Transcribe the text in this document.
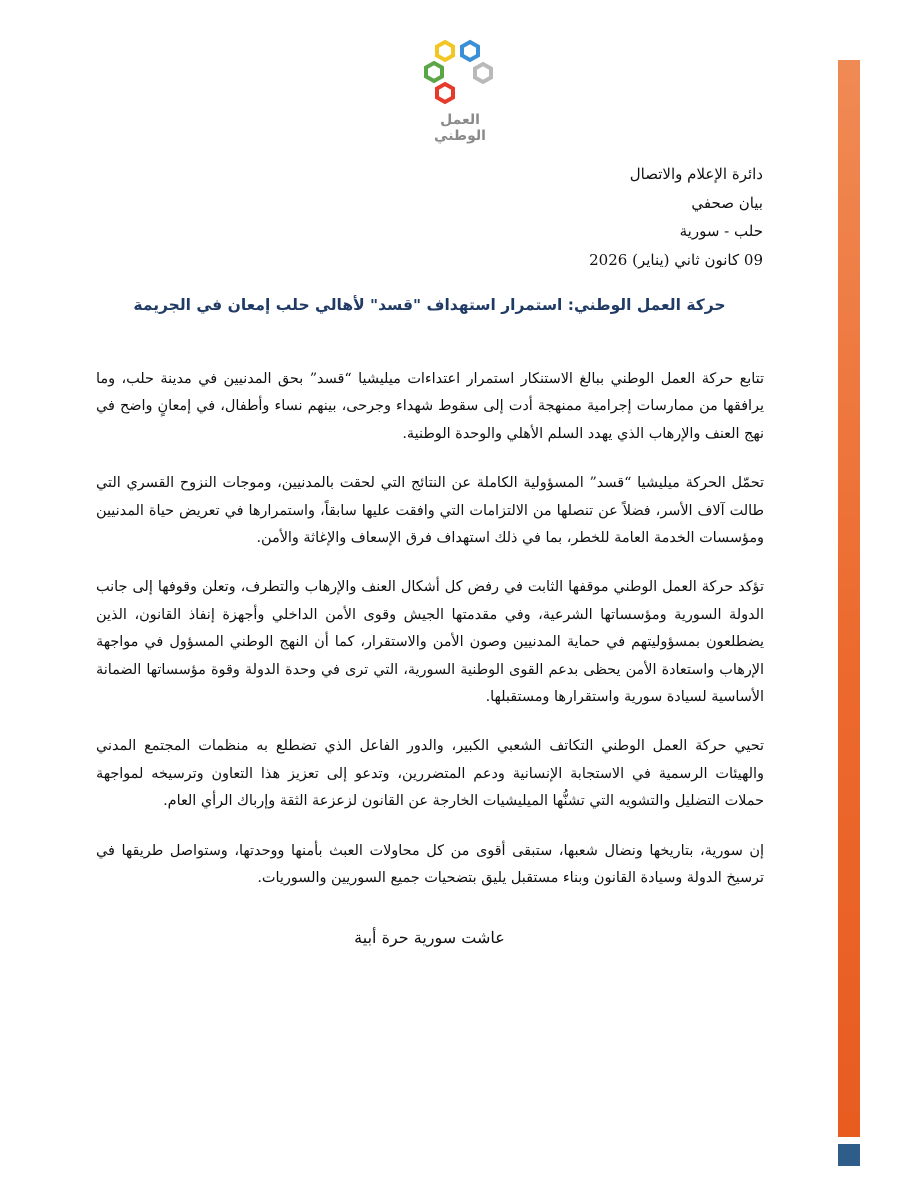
العمل الوطني
دائرة الإعلام والاتصال
بيان صحفي
حلب - سورية
09 كانون ثاني (يناير) 2026
حركة العمل الوطني: استمرار استهداف "قسد" لأهالي حلب إمعان في الجريمة

تتابع حركة العمل الوطني ببالغ الاستنكار استمرار اعتداءات ميليشيا “قسد” بحق المدنيين في مدينة حلب، وما يرافقها من ممارسات إجرامية ممنهجة أدت إلى سقوط شهداء وجرحى، بينهم نساء وأطفال، في إمعانٍ واضح في نهج العنف والإرهاب الذي يهدد السلم الأهلي والوحدة الوطنية.

تحمّل الحركة ميليشيا “قسد” المسؤولية الكاملة عن النتائج التي لحقت بالمدنيين، وموجات النزوح القسري التي طالت آلاف الأسر، فضلاً عن تنصلها من الالتزامات التي وافقت عليها سابقاً، واستمرارها في تعريض حياة المدنيين ومؤسسات الخدمة العامة للخطر، بما في ذلك استهداف فرق الإسعاف والإغاثة والأمن.

تؤكد حركة العمل الوطني موقفها الثابت في رفض كل أشكال العنف والإرهاب والتطرف، وتعلن وقوفها إلى جانب الدولة السورية ومؤسساتها الشرعية، وفي مقدمتها الجيش وقوى الأمن الداخلي وأجهزة إنفاذ القانون، الذين يضطلعون بمسؤوليتهم في حماية المدنيين وصون الأمن والاستقرار، كما أن النهج الوطني المسؤول في مواجهة الإرهاب واستعادة الأمن يحظى بدعم القوى الوطنية السورية، التي ترى في وحدة الدولة وقوة مؤسساتها الضمانة الأساسية لسيادة سورية واستقرارها ومستقبلها.

تحيي حركة العمل الوطني التكاتف الشعبي الكبير، والدور الفاعل الذي تضطلع به منظمات المجتمع المدني والهيئات الرسمية في الاستجابة الإنسانية ودعم المتضررين، وتدعو إلى تعزيز هذا التعاون وترسيخه لمواجهة حملات التضليل والتشويه التي تشنُّها الميليشيات الخارجة عن القانون لزعزعة الثقة وإرباك الرأي العام.

إن سورية، بتاريخها ونضال شعبها، ستبقى أقوى من كل محاولات العبث بأمنها ووحدتها، وستواصل طريقها في ترسيخ الدولة وسيادة القانون وبناء مستقبل يليق بتضحيات جميع السوريين والسوريات.

عاشت سورية حرة أبية
